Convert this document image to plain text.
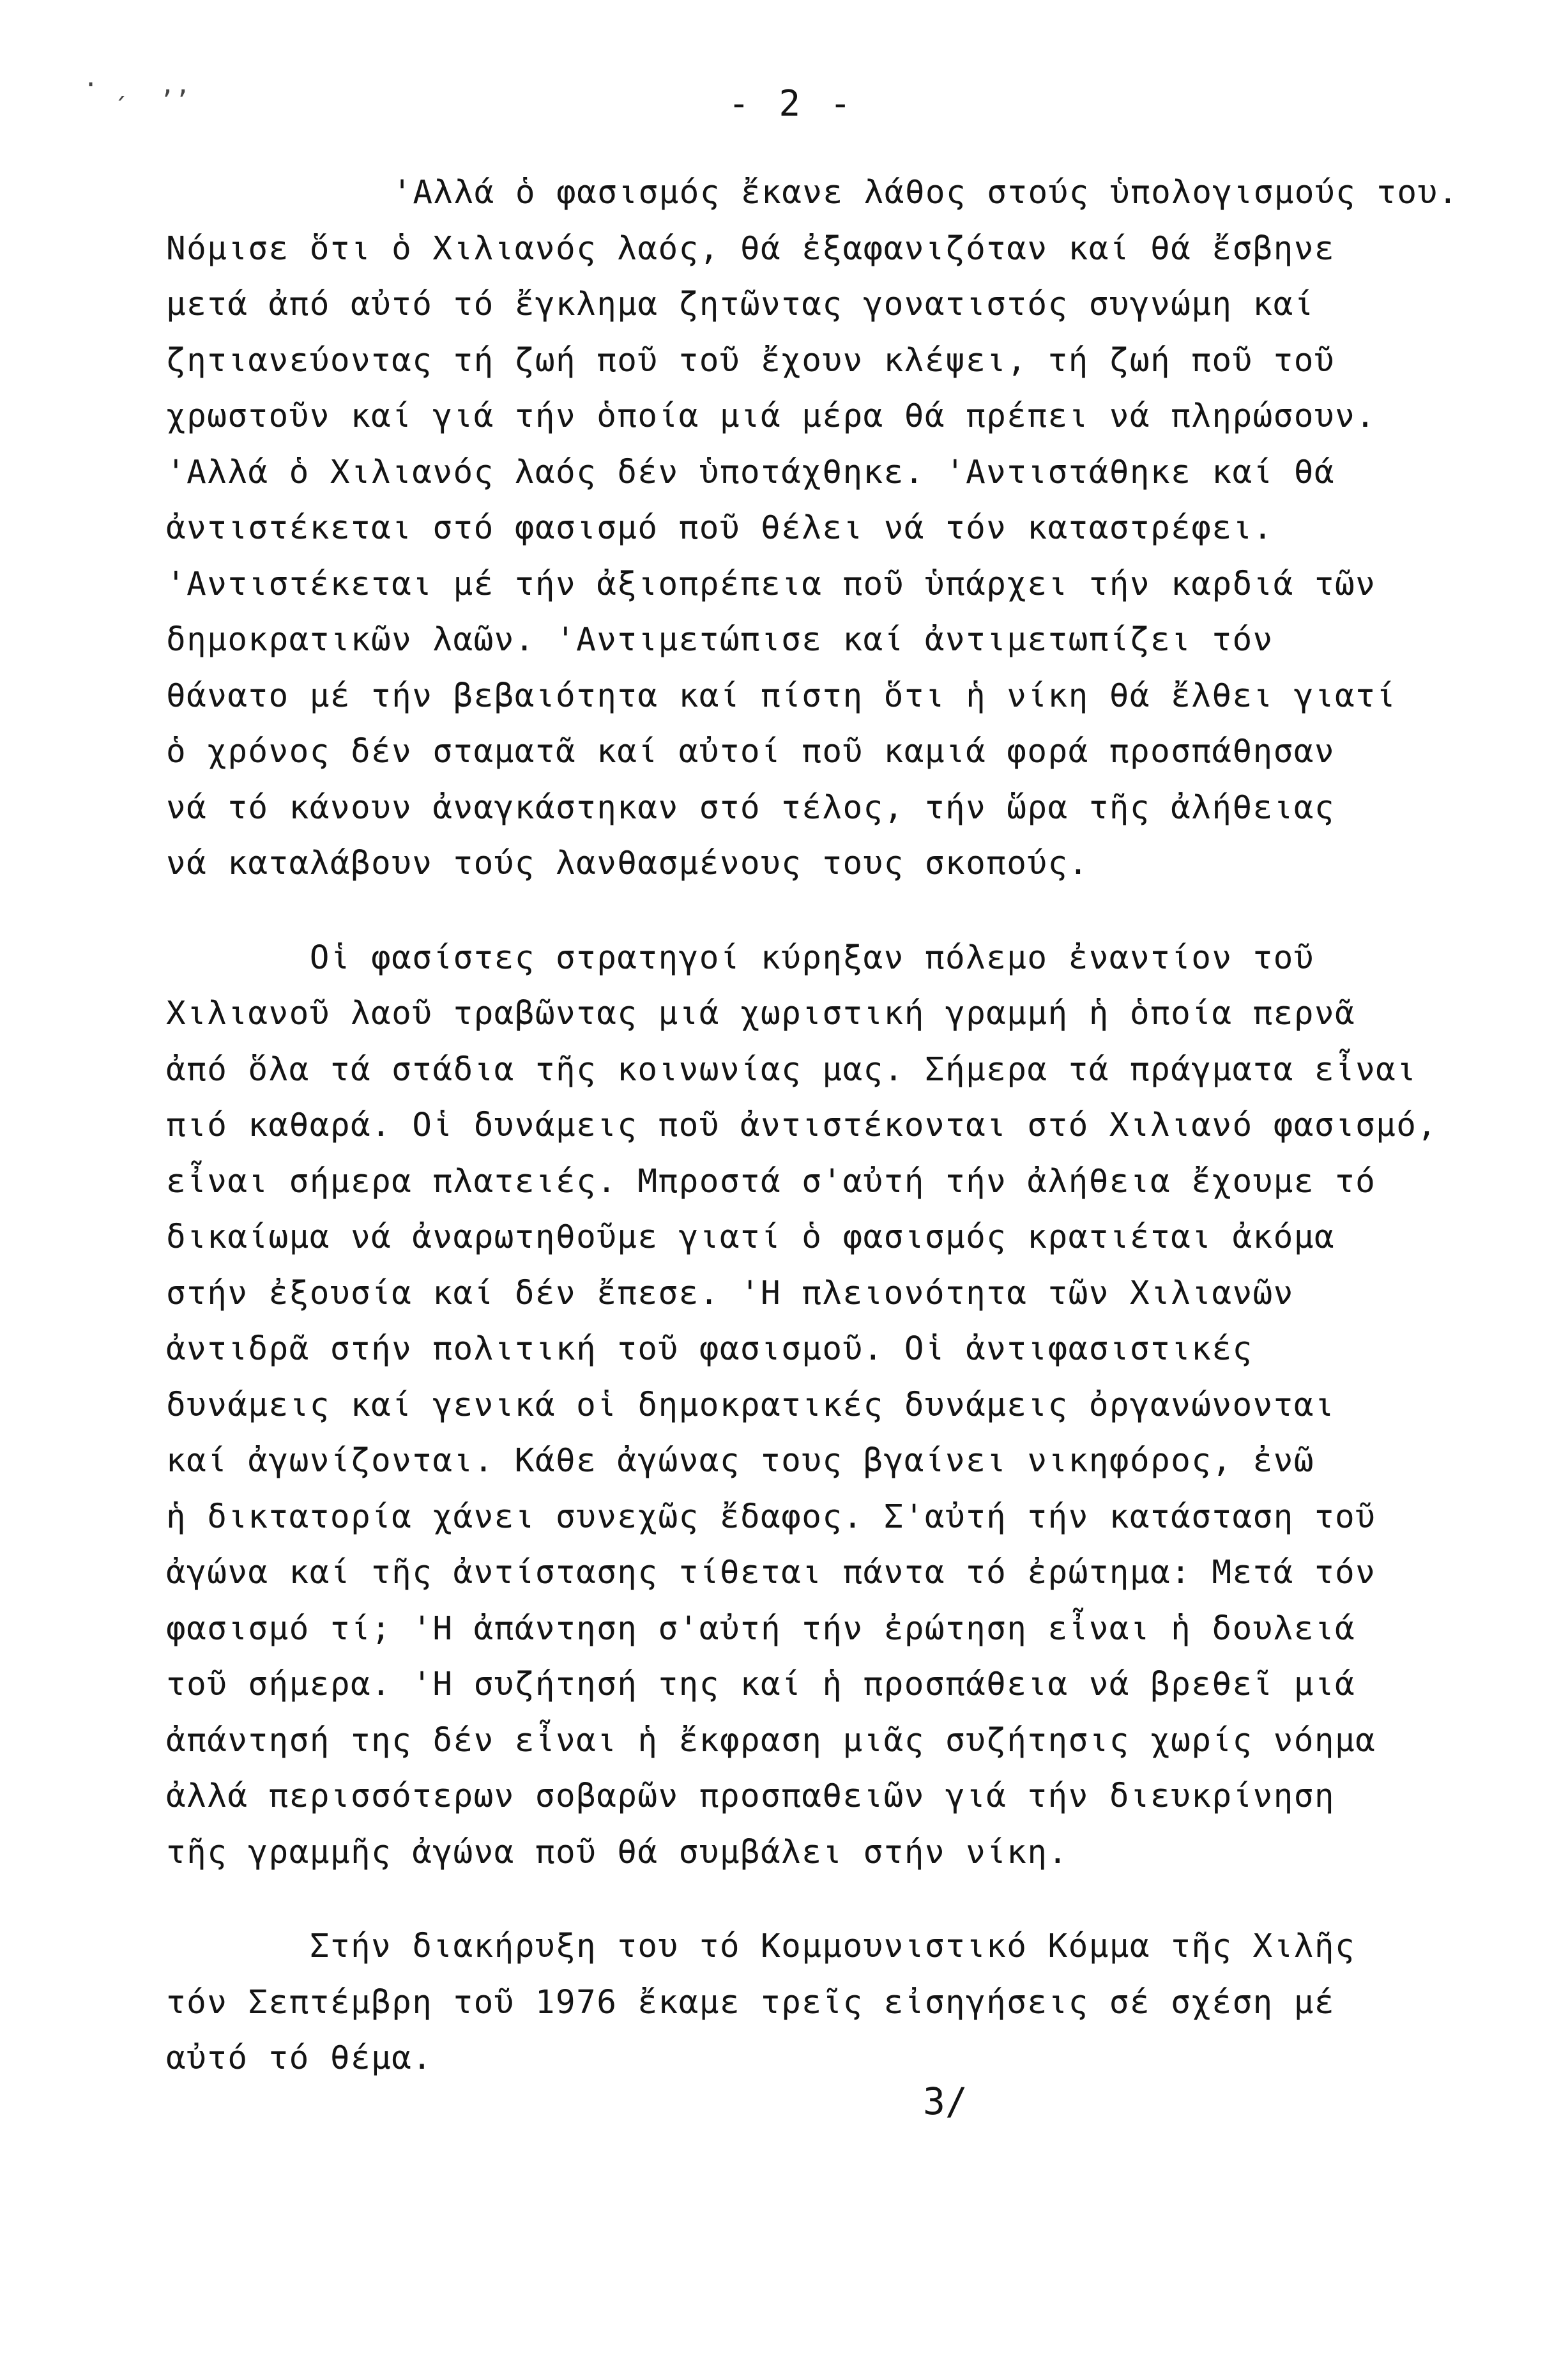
· ˏ  ,,	- 2 -

'Αλλά ὁ φασισμός ἔκανε λάθος στούς ὑπολογισμούς του.
Νόμισε ὅτι ὁ Χιλιανός λαός, θά ἐξαφανιζόταν καί θά ἔσβηνε
μετά ἀπό αὐτό τό ἔγκλημα ζητῶντας γονατιστός συγνώμη καί
ζητιανεύοντας τή ζωή ποῦ τοῦ ἔχουν κλέψει, τή ζωή ποῦ τοῦ
χρωστοῦν καί γιά τήν ὁποία μιά μέρα θά πρέπει νά πληρώσουν.
'Αλλά ὁ Χιλιανός λαός δέν ὑποτάχθηκε. 'Αντιστάθηκε καί θά
ἀντιστέκεται στό φασισμό ποῦ θέλει νά τόν καταστρέφει.
'Αντιστέκεται μέ τήν ἀξιοπρέπεια ποῦ ὑπάρχει τήν καρδιά τῶν
δημοκρατικῶν λαῶν. 'Αντιμετώπισε καί ἀντιμετωπίζει τόν
θάνατο μέ τήν βεβαιότητα καί πίστη ὅτι ἡ νίκη θά ἔλθει γιατί
ὁ χρόνος δέν σταματᾶ καί αὐτοί ποῦ καμιά φορά προσπάθησαν
νά τό κάνουν ἀναγκάστηκαν στό τέλος, τήν ὥρα τῆς ἀλήθειας
νά καταλάβουν τούς λανθασμένους τους σκοπούς.

Οἱ φασίστες στρατηγοί κύρηξαν πόλεμο ἐναντίον τοῦ
Χιλιανοῦ λαοῦ τραβῶντας μιά χωριστική γραμμή ἡ ὁποία περνᾶ
ἀπό ὅλα τά στάδια τῆς κοινωνίας μας. Σήμερα τά πράγματα εἶναι
πιό καθαρά. Οἱ δυνάμεις ποῦ ἀντιστέκονται στό Χιλιανό φασισμό,
εἶναι σήμερα πλατειές. Μπροστά σ'αὐτή τήν ἀλήθεια ἔχουμε τό
δικαίωμα νά ἀναρωτηθοῦμε γιατί ὁ φασισμός κρατιέται ἀκόμα
στήν ἐξουσία καί δέν ἔπεσε. 'Η πλειονότητα τῶν Χιλιανῶν
ἀντιδρᾶ στήν πολιτική τοῦ φασισμοῦ. Οἱ ἀντιφασιστικές
δυνάμεις καί γενικά οἱ δημοκρατικές δυνάμεις ὀργανώνονται
καί ἀγωνίζονται. Κάθε ἀγώνας τους βγαίνει νικηφόρος, ἐνῶ
ἡ δικτατορία χάνει συνεχῶς ἔδαφος. Σ'αὐτή τήν κατάσταση τοῦ
ἀγώνα καί τῆς ἀντίστασης τίθεται πάντα τό ἐρώτημα: Μετά τόν
φασισμό τί; 'Η ἀπάντηση σ'αὐτή τήν ἐρώτηση εἶναι ἡ δουλειά
τοῦ σήμερα. 'Η συζήτησή της καί ἡ προσπάθεια νά βρεθεῖ μιά
ἀπάντησή της δέν εἶναι ἡ ἔκφραση μιᾶς συζήτησις χωρίς νόημα
ἀλλά περισσότερων σοβαρῶν προσπαθειῶν γιά τήν διευκρίνηση
τῆς γραμμῆς ἀγώνα ποῦ θά συμβάλει στήν νίκη.

Στήν διακήρυξη του τό Κομμουνιστικό Κόμμα τῆς Χιλῆς
τόν Σεπτέμβρη τοῦ 1976 ἔκαμε τρεῖς εἰσηγήσεις σέ σχέση μέ
αὐτό τό θέμα.

3/
